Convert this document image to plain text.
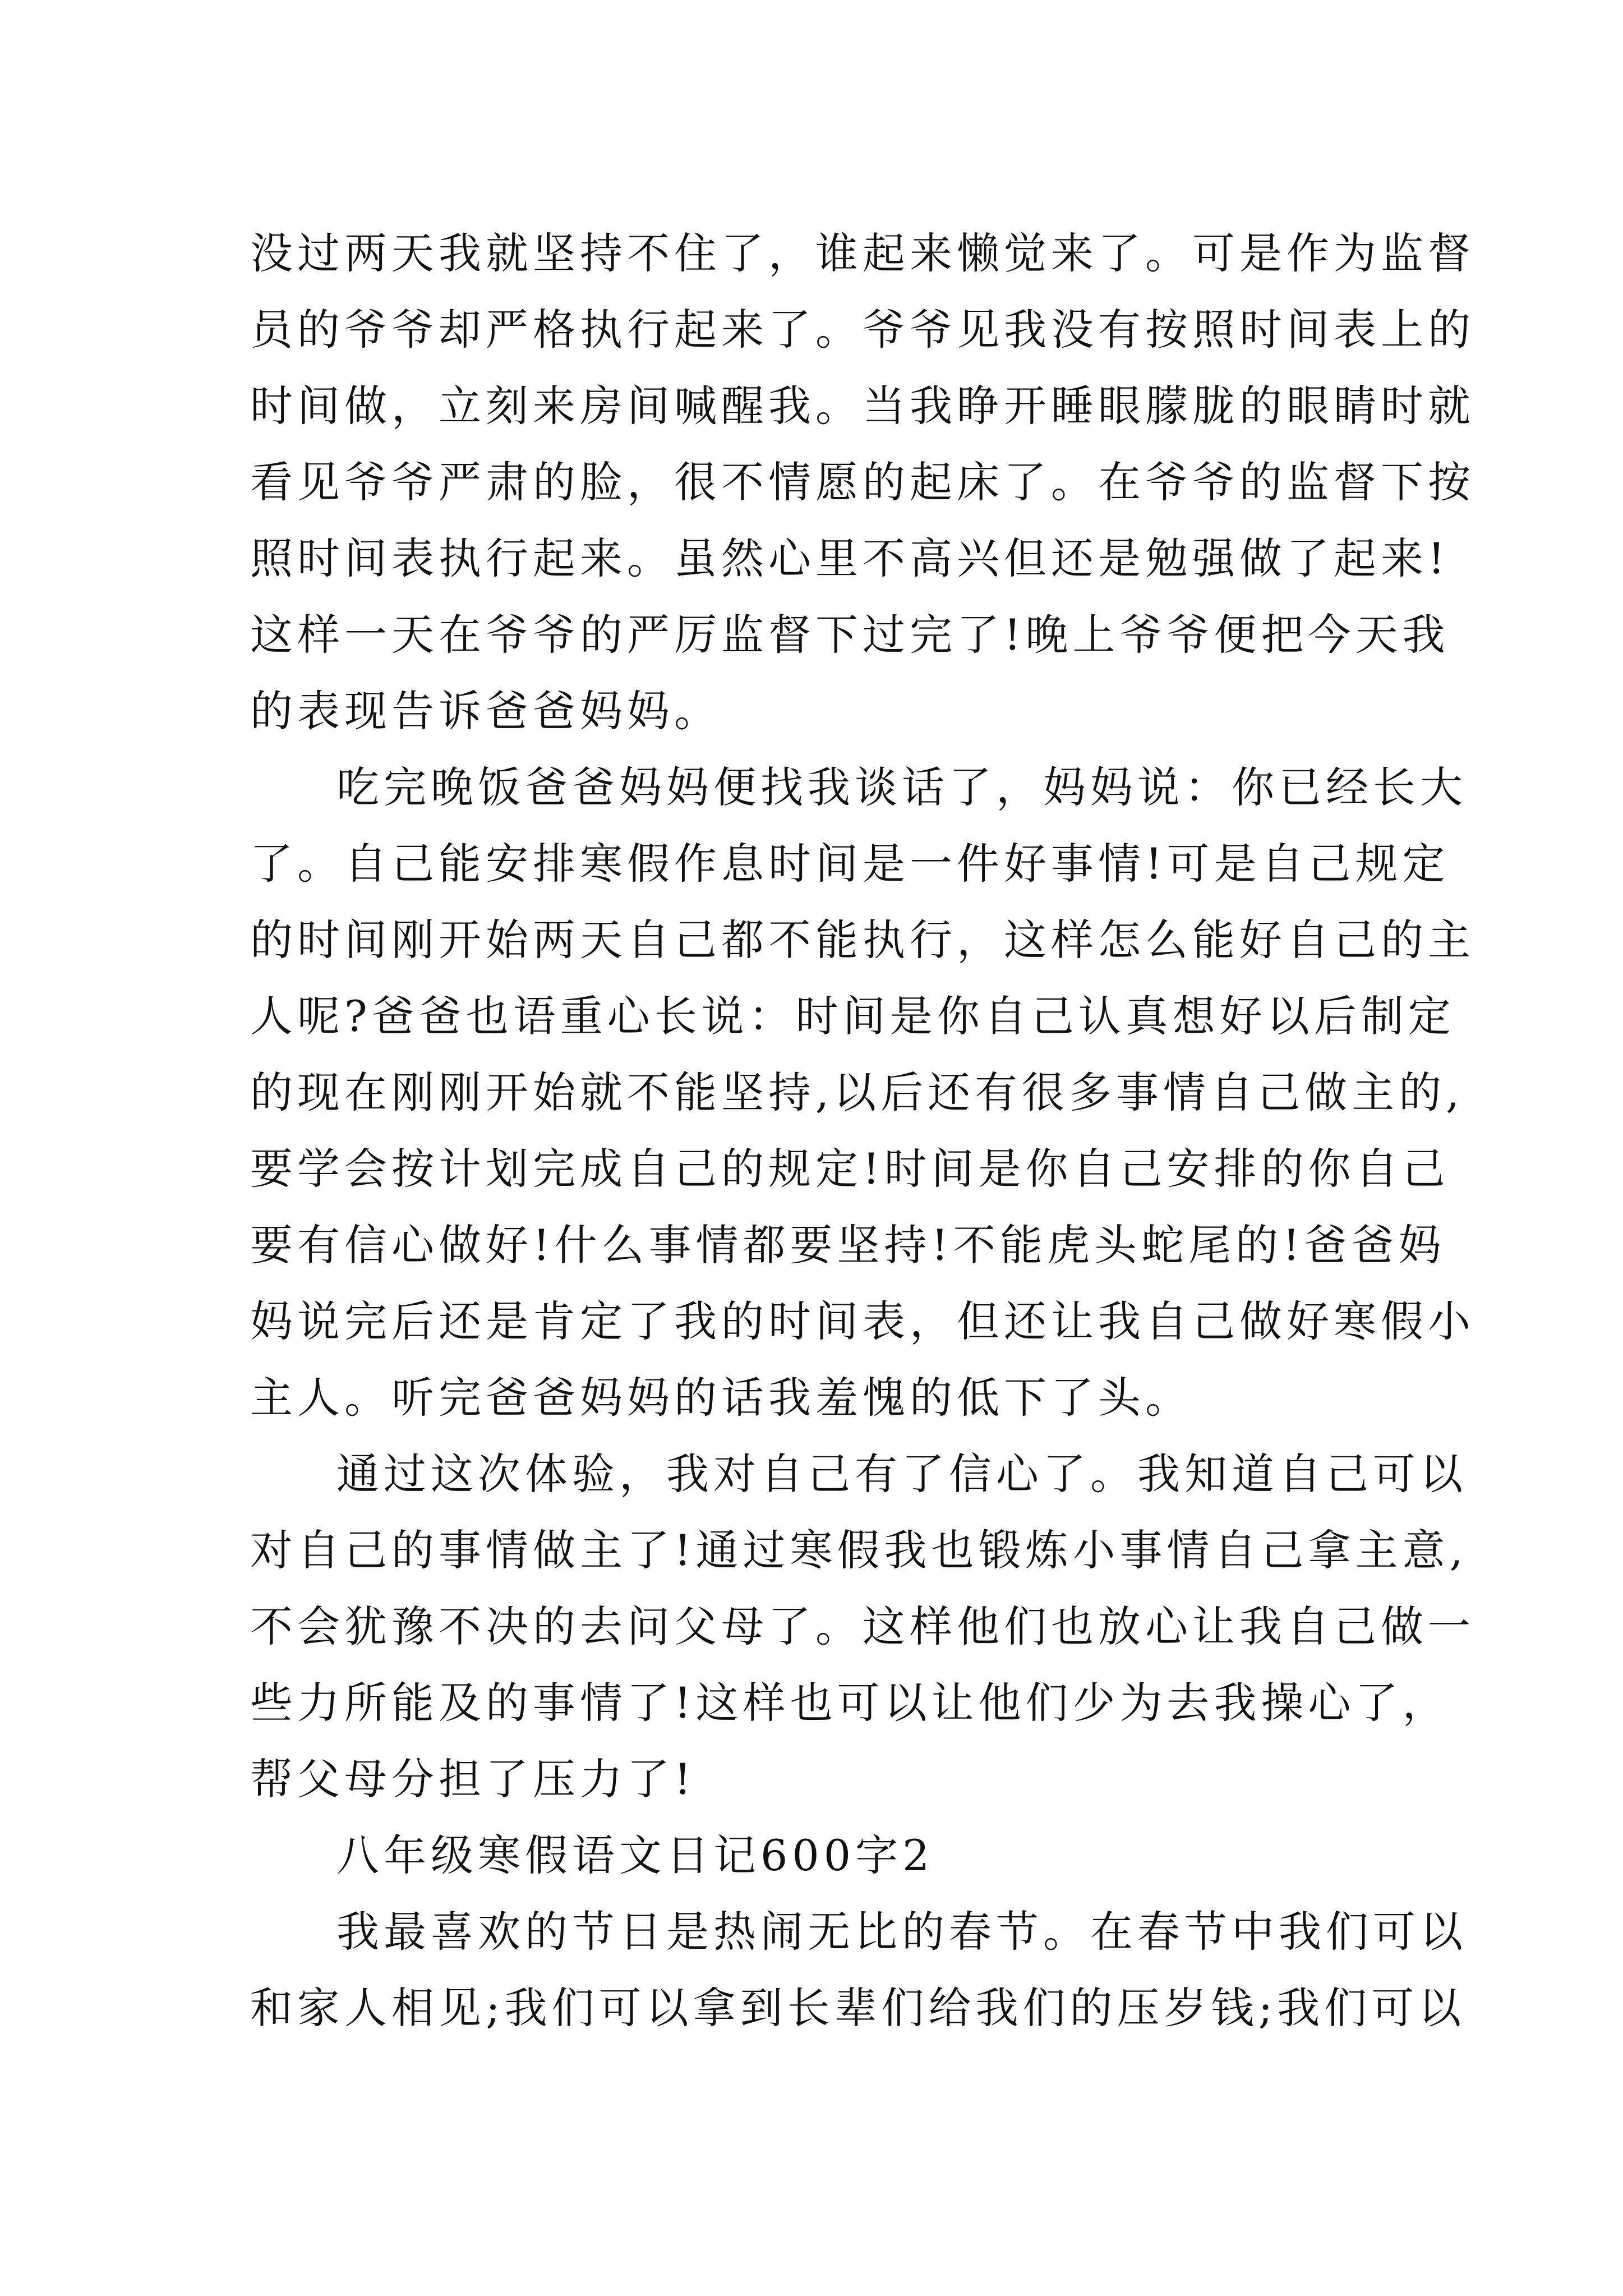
没过两天我就坚持不住了，谁起来懒觉来了。可是作为监督
员的爷爷却严格执行起来了。爷爷见我没有按照时间表上的
时间做，立刻来房间喊醒我。当我睁开睡眼朦胧的眼睛时就
看见爷爷严肃的脸，很不情愿的起床了。在爷爷的监督下按
照时间表执行起来。虽然心里不高兴但还是勉强做了起来!
这样一天在爷爷的严厉监督下过完了!晚上爷爷便把今天我
的表现告诉爸爸妈妈。
吃完晚饭爸爸妈妈便找我谈话了，妈妈说：你已经长大
了。自己能安排寒假作息时间是一件好事情!可是自己规定
的时间刚开始两天自己都不能执行，这样怎么能好自己的主
人呢?爸爸也语重心长说：时间是你自己认真想好以后制定
的现在刚刚开始就不能坚持,以后还有很多事情自己做主的,
要学会按计划完成自己的规定!时间是你自己安排的你自己
要有信心做好!什么事情都要坚持!不能虎头蛇尾的!爸爸妈
妈说完后还是肯定了我的时间表，但还让我自己做好寒假小
主人。听完爸爸妈妈的话我羞愧的低下了头。
通过这次体验，我对自己有了信心了。我知道自己可以
对自己的事情做主了!通过寒假我也锻炼小事情自己拿主意,
不会犹豫不决的去问父母了。这样他们也放心让我自己做一
些力所能及的事情了!这样也可以让他们少为去我操心了，
帮父母分担了压力了!
八年级寒假语文日记600字2
我最喜欢的节日是热闹无比的春节。在春节中我们可以
和家人相见;我们可以拿到长辈们给我们的压岁钱;我们可以
